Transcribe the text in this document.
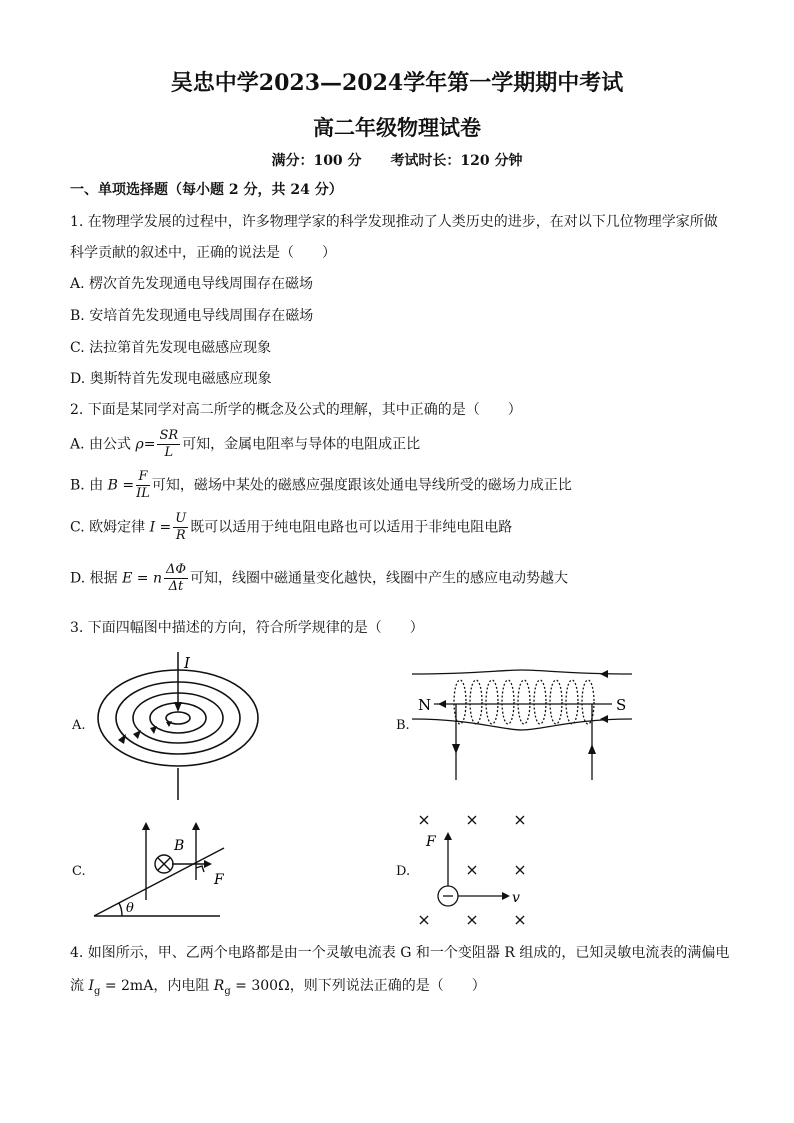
吴忠中学2023—2024学年第一学期期中考试
高二年级物理试卷
满分：100 分 考试时长：120 分钟
一、单项选择题（每小题 2 分，共 24 分）
1. 在物理学发展的过程中，许多物理学家的科学发现推动了人类历史的进步，在对以下几位物理学家所做
科学贡献的叙述中，正确的说法是（　　）
A. 楞次首先发现通电导线周围存在磁场
B. 安培首先发现通电导线周围存在磁场
C. 法拉第首先发现电磁感应现象
D. 奥斯特首先发现电磁感应现象
2. 下面是某同学对高二所学的概念及公式的理解，其中正确的是（　　）
A. 由公式 $\rho= \frac{SR}{L}$ 可知，金属电阻率与导体的电阻成正比
B. 由 $B = \frac{F}{IL}$ 可知，磁场中某处的磁感应强度跟该处通电导线所受的磁场力成正比
C. 欧姆定律 $I = \frac{U}{R}$ 既可以适用于纯电阻电路也可以适用于非纯电阻电路
D. 根据 E = n $\frac{\Delta\Phi}{\Delta t}$ 可知，线圈中磁通量变化越快，线圈中产生的感应电动势越大
3. 下面四幅图中描述的方向，符合所学规律的是（　　）
A.
I
B.
N	S
C.
B
F
θ
D.
F
v
4. 如图所示，甲、乙两个电路都是由一个灵敏电流表 G 和一个变阻器 R 组成的，已知灵敏电流表的满偏电
流 $I_g = 2mA$，内电阻 $R_g = 300\Omega$，则下列说法正确的是（　　）
